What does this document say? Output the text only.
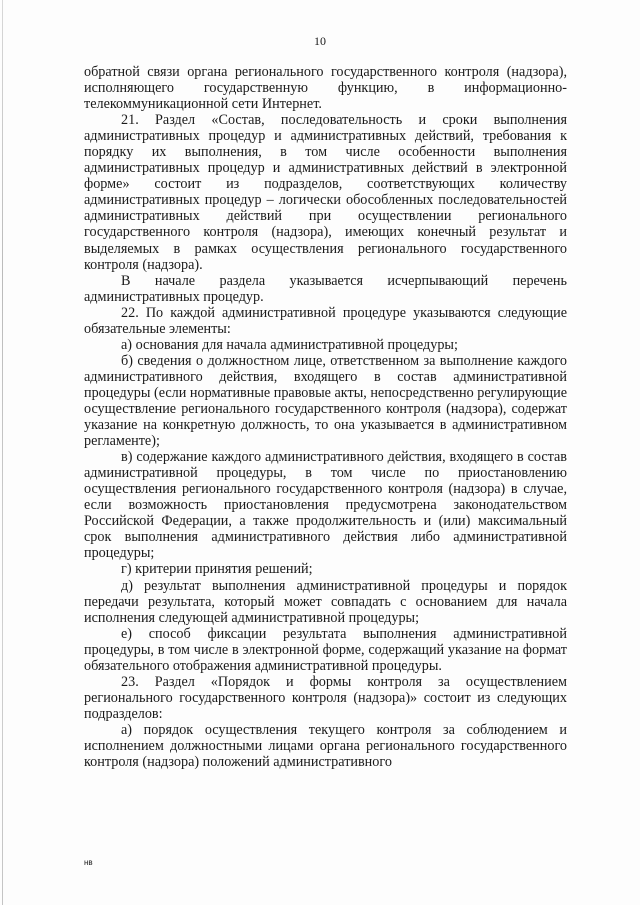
10

обратной связи органа регионального государственного контроля (надзора), исполняющего государственную функцию, в информационно-телекоммуникационной сети Интернет.

21. Раздел «Состав, последовательность и сроки выполнения административных процедур и административных действий, требования к порядку их выполнения, в том числе особенности выполнения административных процедур и административных действий в электронной форме» состоит из подразделов, соответствующих количеству административных процедур – логически обособленных последовательностей административных действий при осуществлении регионального государственного контроля (надзора), имеющих конечный результат и выделяемых в рамках осуществления регионального государственного контроля (надзора).

В начале раздела указывается исчерпывающий перечень административных процедур.

22. По каждой административной процедуре указываются следующие обязательные элементы:

а) основания для начала административной процедуры;

б) сведения о должностном лице, ответственном за выполнение каждого административного действия, входящего в состав административной процедуры (если нормативные правовые акты, непосредственно регулирующие осуществление регионального государственного контроля (надзора), содержат указание на конкретную должность, то она указывается в административном регламенте);

в) содержание каждого административного действия, входящего в состав административной процедуры, в том числе по приостановлению осуществления регионального государственного контроля (надзора) в случае, если возможность приостановления предусмотрена законодательством Российской Федерации, а также продолжительность и (или) максимальный срок выполнения административного действия либо административной процедуры;

г) критерии принятия решений;

д) результат выполнения административной процедуры и порядок передачи результата, который может совпадать с основанием для начала исполнения следующей административной процедуры;

е) способ фиксации результата выполнения административной процедуры, в том числе в электронной форме, содержащий указание на формат обязательного отображения административной процедуры.

23. Раздел «Порядок и формы контроля за осуществлением регионального государственного контроля (надзора)» состоит из следующих подразделов:

а) порядок осуществления текущего контроля за соблюдением и исполнением должностными лицами органа регионального государственного контроля (надзора) положений административного

нв
